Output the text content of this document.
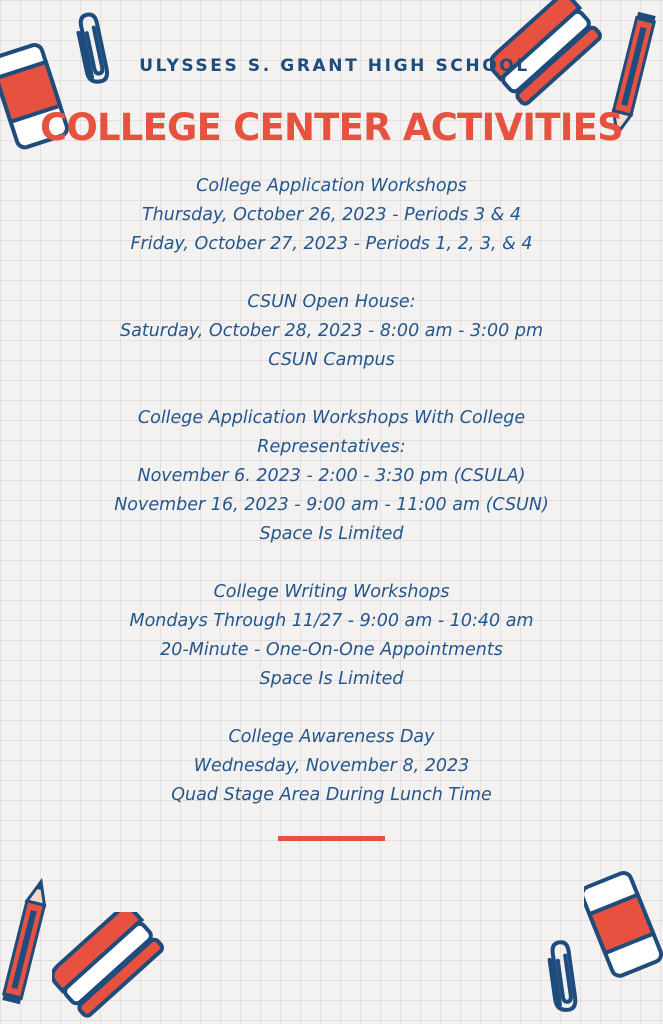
ULYSSES S. GRANT HIGH SCHOOL
COLLEGE CENTER ACTIVITIES
College Application Workshops
Thursday, October 26, 2023 - Periods 3 & 4
Friday, October 27, 2023 - Periods 1, 2, 3, & 4
CSUN Open House:
Saturday, October 28, 2023 - 8:00 am - 3:00 pm
CSUN Campus
College Application Workshops With College
Representatives:
November 6. 2023 - 2:00 - 3:30 pm (CSULA)
November 16, 2023 - 9:00 am - 11:00 am (CSUN)
Space Is Limited
College Writing Workshops
Mondays Through 11/27 - 9:00 am - 10:40 am
20-Minute - One-On-One Appointments
Space Is Limited
College Awareness Day
Wednesday, November 8, 2023
Quad Stage Area During Lunch Time
